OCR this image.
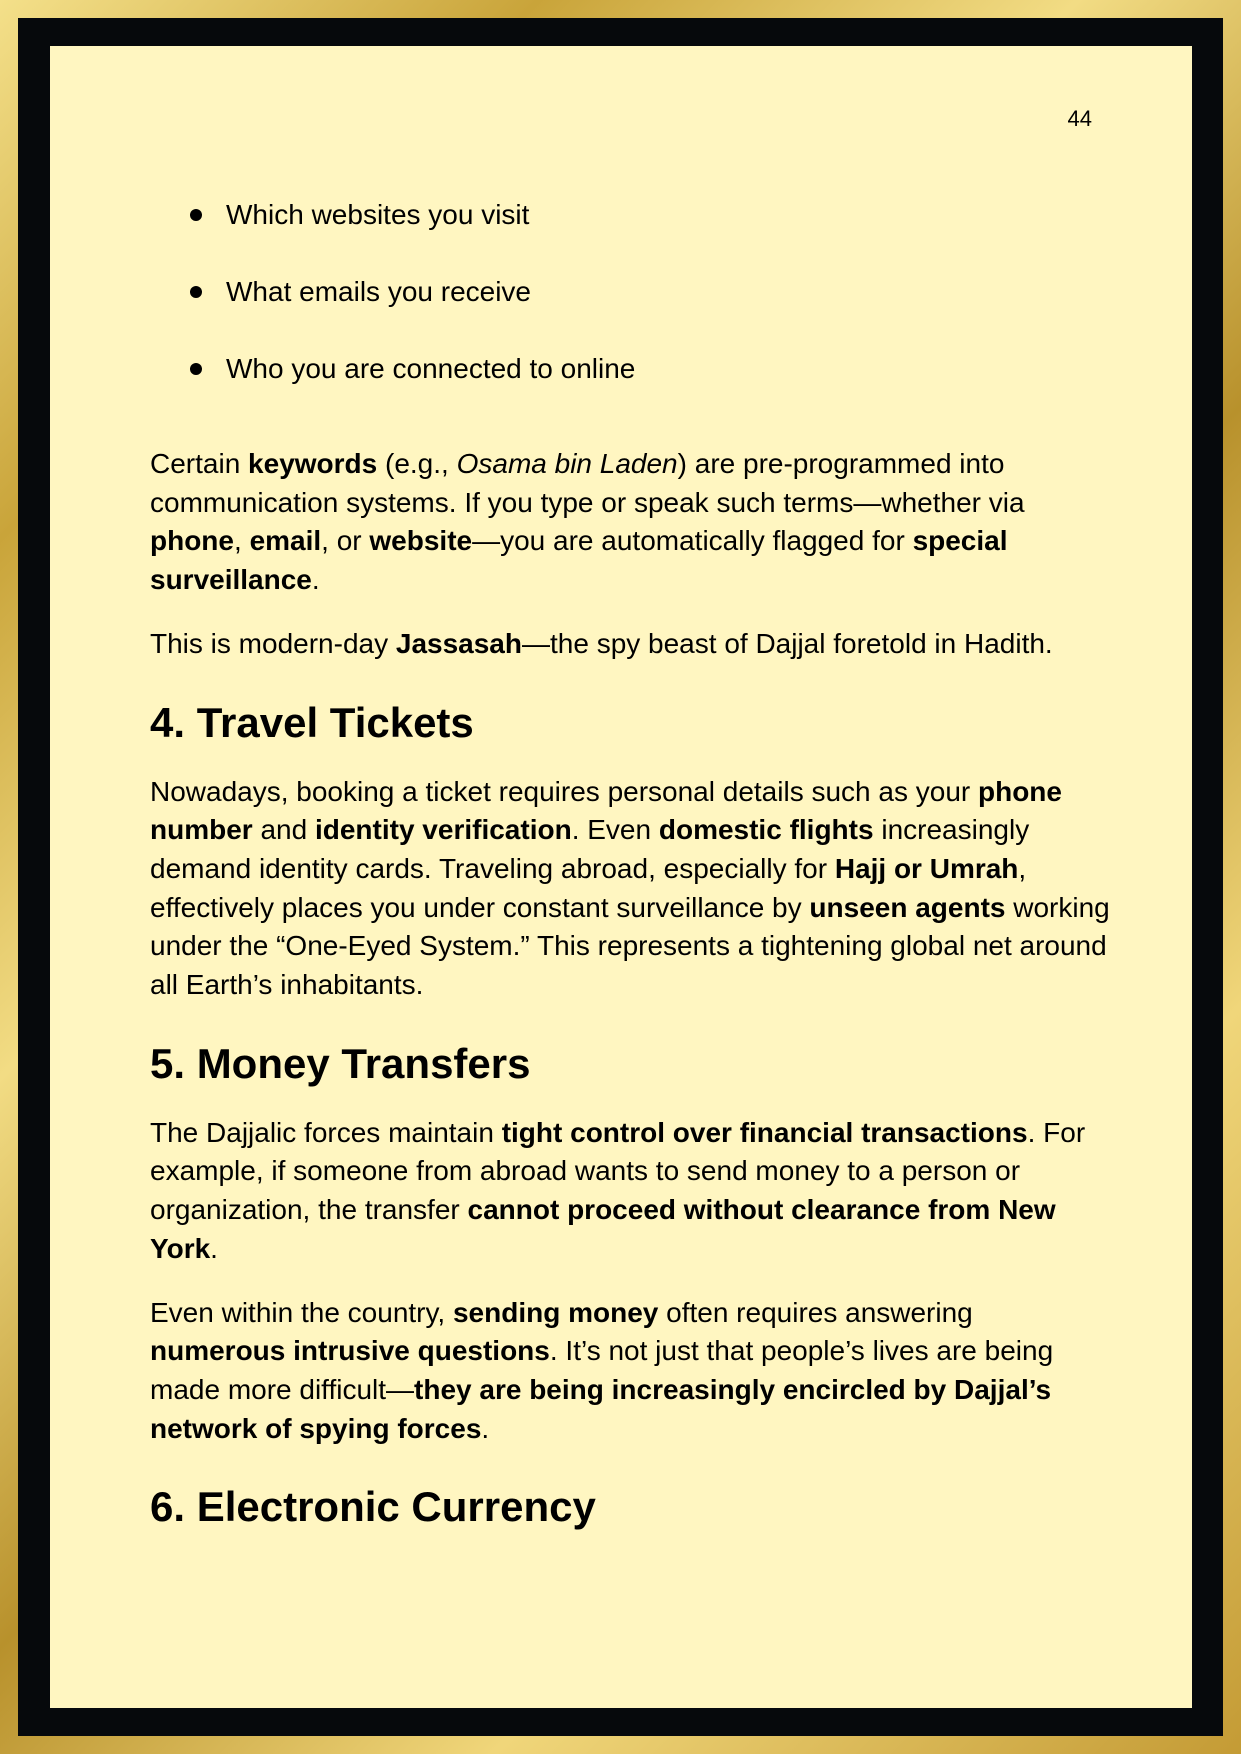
44
Which websites you visit
What emails you receive
Who you are connected to online

Certain keywords (e.g., Osama bin Laden) are pre-programmed into communication systems. If you type or speak such terms—whether via phone, email, or website—you are automatically flagged for special surveillance.

This is modern-day Jassasah—the spy beast of Dajjal foretold in Hadith.

4. Travel Tickets

Nowadays, booking a ticket requires personal details such as your phone number and identity verification. Even domestic flights increasingly demand identity cards. Traveling abroad, especially for Hajj or Umrah, effectively places you under constant surveillance by unseen agents working under the “One-Eyed System.” This represents a tightening global net around all Earth’s inhabitants.

5. Money Transfers

The Dajjalic forces maintain tight control over financial transactions. For example, if someone from abroad wants to send money to a person or organization, the transfer cannot proceed without clearance from New York.

Even within the country, sending money often requires answering numerous intrusive questions. It’s not just that people’s lives are being made more difficult—they are being increasingly encircled by Dajjal’s network of spying forces.

6. Electronic Currency
